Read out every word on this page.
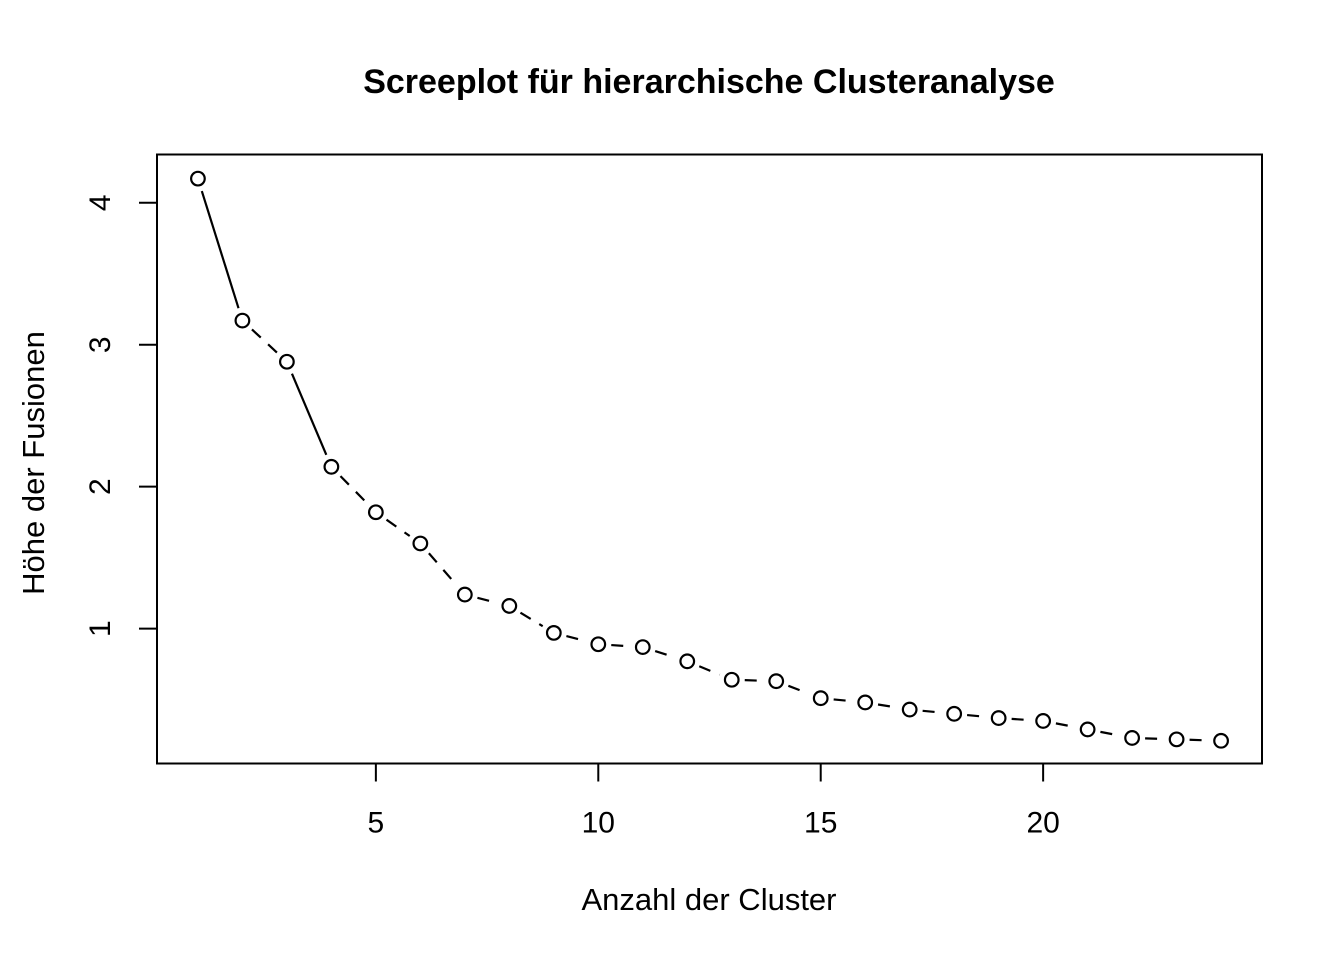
Screeplot für hierarchische Clusteranalyse
Anzahl der Cluster
Höhe der Fusionen
5	10	15	20
1
2
3
4
